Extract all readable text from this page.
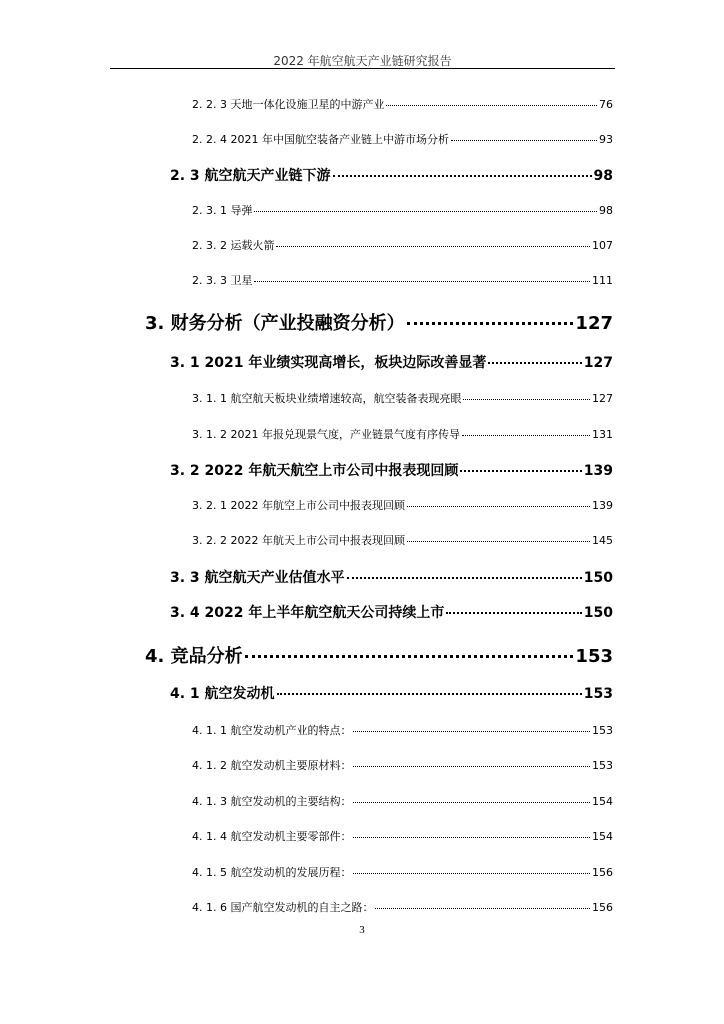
2022 年航空航天产业链研究报告
2. 2. 3 天地一体化设施卫星的中游产业	76
2. 2. 4 2021 年中国航空装备产业链上中游市场分析	93
2. 3 航空航天产业链下游	98
2. 3. 1 导弹	98
2. 3. 2 运载火箭	107
2. 3. 3 卫星	111
3. 财务分析（产业投融资分析）	127
3. 1 2021 年业绩实现高增长，板块边际改善显著	127
3. 1. 1 航空航天板块业绩增速较高，航空装备表现亮眼	127
3. 1. 2 2021 年报兑现景气度，产业链景气度有序传导	131
3. 2 2022 年航天航空上市公司中报表现回顾	139
3. 2. 1 2022 年航空上市公司中报表现回顾	139
3. 2. 2 2022 年航天上市公司中报表现回顾	145
3. 3 航空航天产业估值水平	150
3. 4 2022 年上半年航空航天公司持续上市	150
4. 竞品分析	153
4. 1 航空发动机	153
4. 1. 1 航空发动机产业的特点：	153
4. 1. 2 航空发动机主要原材料：	153
4. 1. 3 航空发动机的主要结构：	154
4. 1. 4 航空发动机主要零部件：	154
4. 1. 5 航空发动机的发展历程：	156
4. 1. 6 国产航空发动机的自主之路：	156
3
